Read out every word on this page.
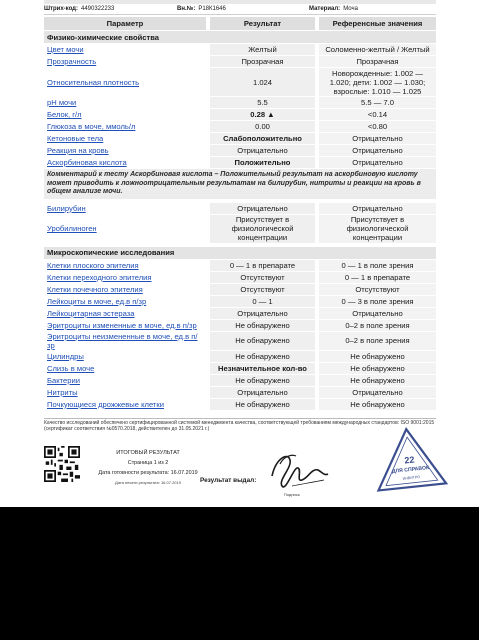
Штрих-код: 4490322233	Вн.№: Р18К1646	Материал: Моча
Параметр		Результат		Референсные значения
Физико-химические свойства				
Цвет мочи		Желтый		Соломенно-желтый / Желтый
Прозрачность		Прозрачная		Прозрачная
Относительная плотность		1.024		Новорожденные: 1.002 — 1.020; дети: 1.002 — 1.030; взрослые: 1.010 — 1.025
pH мочи		5.5		5.5 — 7.0
Белок, г/л		0.28 ▲		<0.14
Глюкоза в моче, ммоль/л		0.00		<0.80
Кетоновые тела		Слабоположительно		Отрицательно
Реакция на кровь		Отрицательно		Отрицательно
Аскорбиновая кислота		Положительно		Отрицательно
Комментарий к тесту Аскорбиновая кислота – Положительный результат на аскорбиновую кислоту может приводить к ложноотрицательным результатам на билирубин, нитриты и реакции на кровь в общем анализе мочи.				

Билирубин		Отрицательно		Отрицательно
Уробилиноген		Присутствует в физиологической концентрации		Присутствует в физиологической концентрации

Микроскопические исследования				
Клетки плоского эпителия		0 — 1 в препарате		0 — 1 в поле зрения
Клетки переходного эпителия		Отсутствуют		0 — 1 в препарате
Клетки почечного эпителия		Отсутствуют		Отсутствуют
Лейкоциты в моче, ед.в п/зр		0 — 1		0 — 3 в поле зрения
Лейкоцитарная эстераза		Отрицательно		Отрицательно
Эритроциты измененные в моче, ед.в п/зр		Не обнаружено		0–2 в поле зрения
Эритроциты неизмененные в моче, ед.в п/зр		Не обнаружено		0–2 в поле зрения
Цилиндры		Не обнаружено		Не обнаружено
Слизь в моче		Незначительное кол-во		Не обнаружено
Бактерии		Не обнаружено		Не обнаружено
Нитриты		Отрицательно		Отрицательно
Почкующиеся дрожжевые клетки		Не обнаружено		Не обнаружено
Качество исследований обеспечено сертифицированной системой менеджмента качества, соответствующей требованиям международных стандартов: ISO 9001:2015 (сертификат соответствия №0570.2018, действителен до 31.05.2021 г.)
ИТОГОВЫЙ РЕЗУЛЬТАТ
Страница 1 из 2
Дата готовности результата: 16.07.2019
Дата печати результата: 16.07.2019	Результат выдал:
Подпись
22
ДЛЯ СПРАВОК
ИНВИТРО
